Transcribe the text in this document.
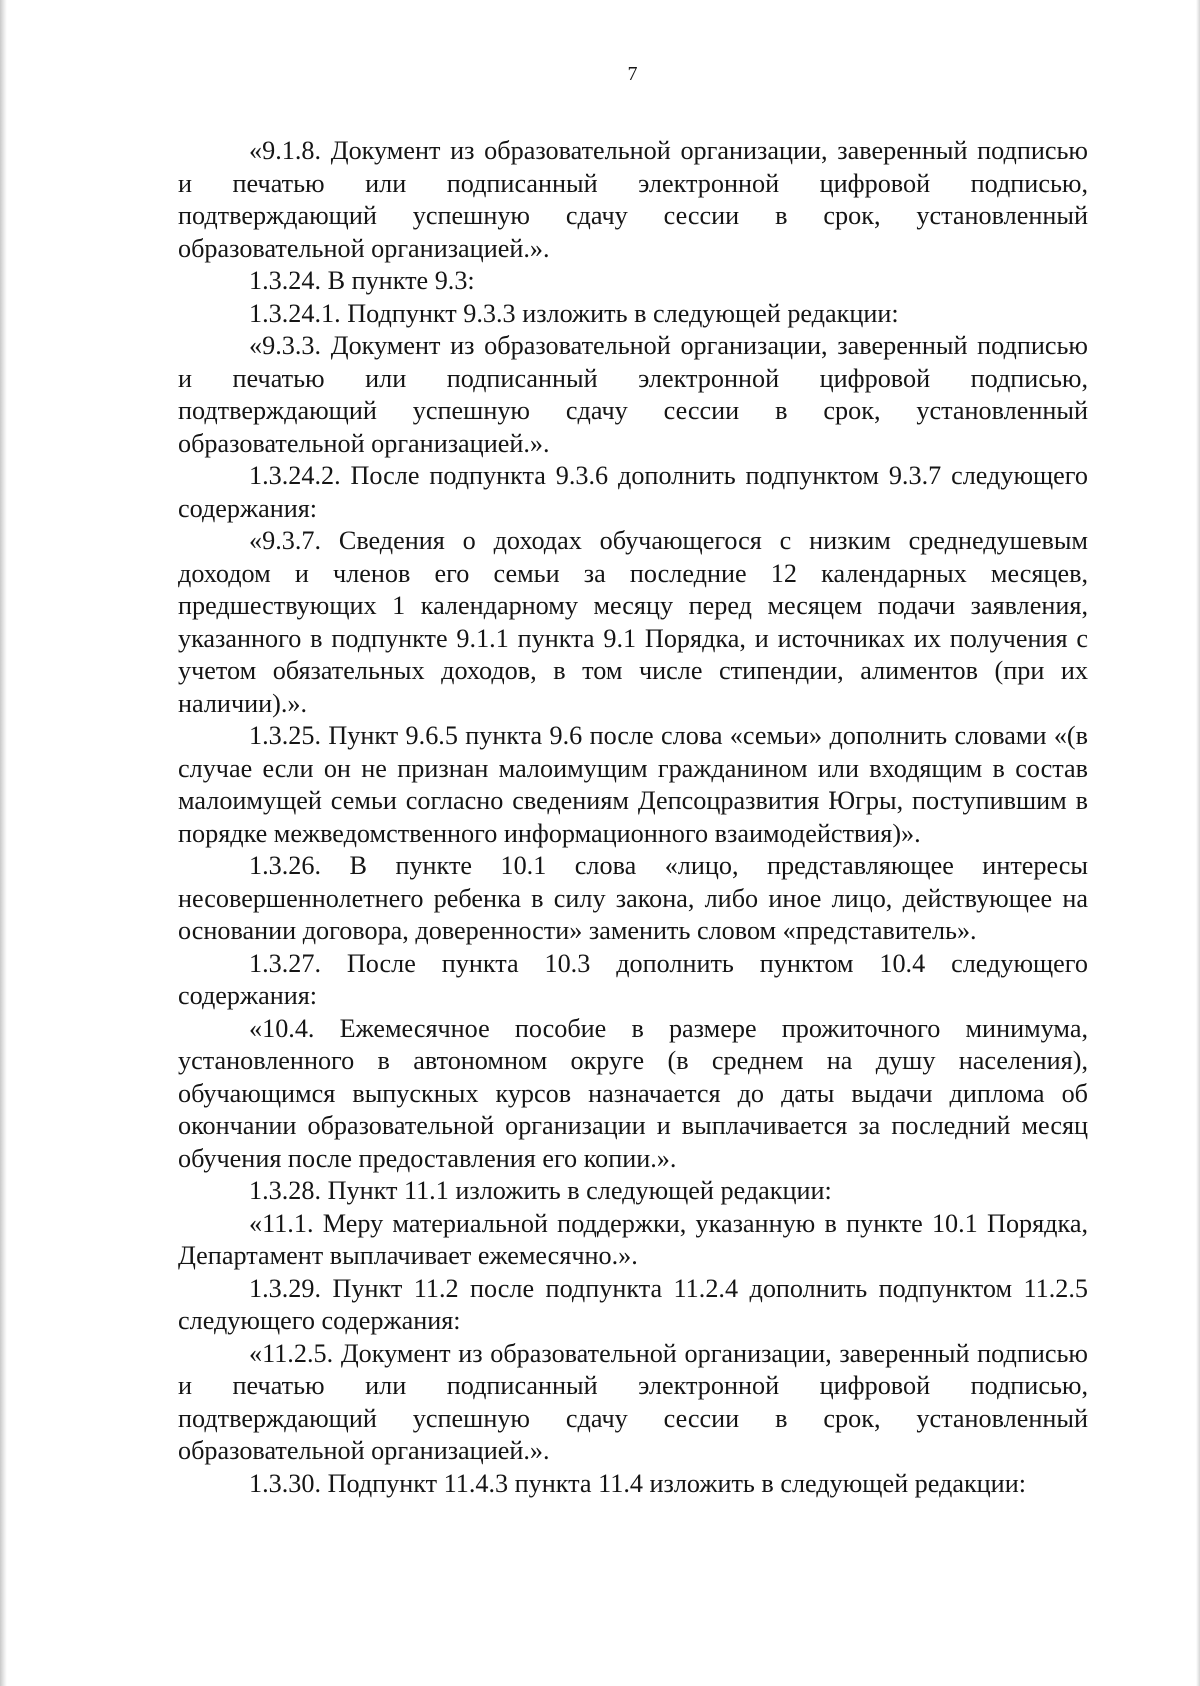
7

«9.1.8. Документ из образовательной организации, заверенный подписью и печатью или подписанный электронной цифровой подписью, подтверждающий успешную сдачу сессии в срок, установленный образовательной организацией.».

1.3.24. В пункте 9.3:

1.3.24.1. Подпункт 9.3.3 изложить в следующей редакции:

«9.3.3. Документ из образовательной организации, заверенный подписью и печатью или подписанный электронной цифровой подписью, подтверждающий успешную сдачу сессии в срок, установленный образовательной организацией.».

1.3.24.2. После подпункта 9.3.6 дополнить подпунктом 9.3.7 следующего содержания:

«9.3.7. Сведения о доходах обучающегося с низким среднедушевым доходом и членов его семьи за последние 12 календарных месяцев, предшествующих 1 календарному месяцу перед месяцем подачи заявления, указанного в подпункте 9.1.1 пункта 9.1 Порядка, и источниках их получения с учетом обязательных доходов, в том числе стипендии, алиментов (при их наличии).».

1.3.25. Пункт 9.6.5 пункта 9.6 после слова «семьи» дополнить словами «(в случае если он не признан малоимущим гражданином или входящим в состав малоимущей семьи согласно сведениям Депсоцразвития Югры, поступившим в порядке межведомственного информационного взаимодействия)».

1.3.26. В пункте 10.1 слова «лицо, представляющее интересы несовершеннолетнего ребенка в силу закона, либо иное лицо, действующее на основании договора, доверенности» заменить словом «представитель».

1.3.27. После пункта 10.3 дополнить пунктом 10.4 следующего содержания:

«10.4. Ежемесячное пособие в размере прожиточного минимума, установленного в автономном округе (в среднем на душу населения), обучающимся выпускных курсов назначается до даты выдачи диплома об окончании образовательной организации и выплачивается за последний месяц обучения после предоставления его копии.».

1.3.28. Пункт 11.1 изложить в следующей редакции:

«11.1. Меру материальной поддержки, указанную в пункте 10.1 Порядка, Департамент выплачивает ежемесячно.».

1.3.29. Пункт 11.2 после подпункта 11.2.4 дополнить подпунктом 11.2.5 следующего содержания:

«11.2.5. Документ из образовательной организации, заверенный подписью и печатью или подписанный электронной цифровой подписью, подтверждающий успешную сдачу сессии в срок, установленный образовательной организацией.».

1.3.30. Подпункт 11.4.3 пункта 11.4 изложить в следующей редакции:
